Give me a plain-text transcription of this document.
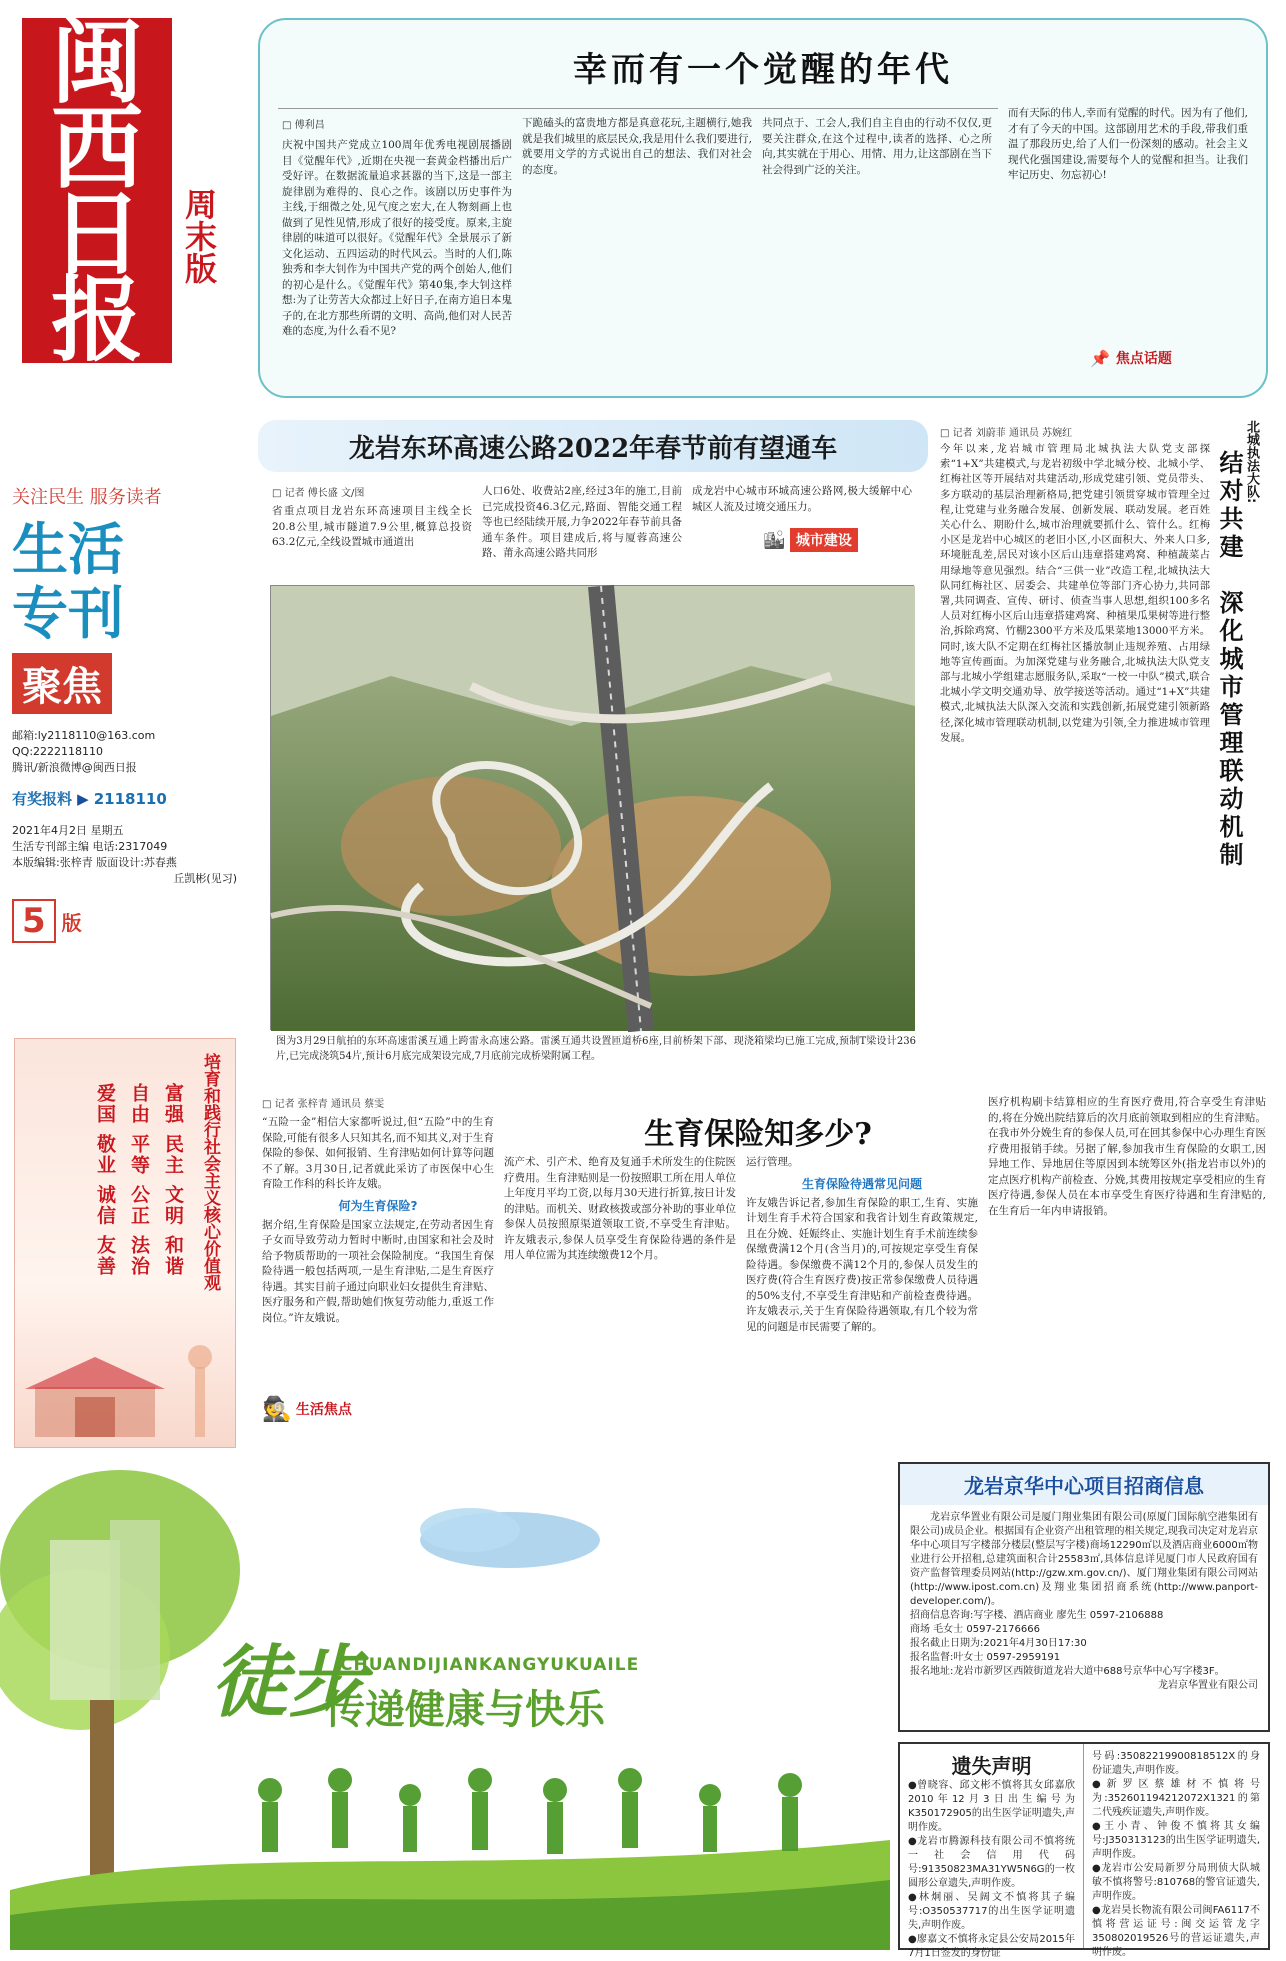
闽
西
日
报
周末版
关注民生 服务读者
生活
专刊
聚焦
邮箱:ly2118110@163.com
QQ:2222118110
腾讯/新浪微博@闽西日报
有奖报料 ▶ 2118110
2021年4月2日 星期五
生活专刊部主编 电话:2317049
本版编辑:张梓青 版面设计:苏春燕
丘凯彬(见习)
5 版
培育和践行社会主义核心价值观
富强 民主 文明 和谐
自由 平等 公正 法治
爱国 敬业 诚信 友善
幸而有一个觉醒的年代
□ 傅利昌
庆祝中国共产党成立100周年优秀电视剧展播剧目《觉醒年代》,近期在央视一套黄金档播出后广受好评。在数据流量追求甚嚣的当下,这是一部主旋律剧为难得的、良心之作。该剧以历史事件为主线,于细微之处,见气度之宏大,在人物刻画上也做到了见性见情,形成了很好的接受度。原来,主旋律剧的味道可以很好。《觉醒年代》全景展示了新文化运动、五四运动的时代风云。当时的人们,陈独秀和李大钊作为中国共产党的两个创始人,他们的初心是什么。《觉醒年代》第40集,李大钊这样想:为了让劳苦大众都过上好日子,在南方追日本鬼子的,在北方那些所谓的文明、高尚,他们对人民苦难的态度,为什么看不见?
下跪磕头的富贵地方都是真意花玩,主题横行,她我就是我们城里的底层民众,我是用什么我们要进行,就要用文学的方式说出自己的想法、我们对社会的态度。
共同点于、工会人,我们自主自由的行动不仅仅,更要关注群众,在这个过程中,读者的选择、心之所向,其实就在于用心、用情、用力,让这部剧在当下社会得到广泛的关注。
而有天际的伟人,幸而有觉醒的时代。因为有了他们,才有了今天的中国。这部剧用艺术的手段,带我们重温了那段历史,给了人们一份深刻的感动。社会主义现代化强国建设,需要每个人的觉醒和担当。让我们牢记历史、勿忘初心!
📌 焦点话题
龙岩东环高速公路2022年春节前有望通车
□ 记者 傅长盛 文/图
省重点项目龙岩东环高速项目主线全长20.8公里,城市隧道7.9公里,概算总投资63.2亿元,全线设置城市通道出
人口6处、收费站2座,经过3年的施工,目前已完成投资46.3亿元,路面、智能交通工程等也已经陆续开展,力争2022年春节前具备通车条件。项目建成后,将与厦蓉高速公路、莆永高速公路共同形
成龙岩中心城市环城高速公路网,极大缓解中心城区人流及过境交通压力。
🏙 城市建设
图为3月29日航拍的东环高速雷溪互通上跨雷永高速公路。雷溪互通共设置匝道桥6座,目前桥架下部、现浇箱梁均已施工完成,预制T梁设计236片,已完成浇筑54片,预计6月底完成架设完成,7月底前完成桥梁附属工程。
□ 记者 刘蔚菲 通讯员 苏婉红
今年以来,龙岩城市管理局北城执法大队党支部探索“1+X”共建模式,与龙岩初级中学北城分校、北城小学、红梅社区等开展结对共建活动,形成党建引领、党员带头、多方联动的基层治理新格局,把党建引领贯穿城市管理全过程,让党建与业务融合发展、创新发展、联动发展。老百姓关心什么、期盼什么,城市治理就要抓什么、管什么。红梅小区是龙岩中心城区的老旧小区,小区面积大、外来人口多,环境脏乱差,居民对该小区后山违章搭建鸡窝、种植蔬菜占用绿地等意见强烈。结合“三供一业”改造工程,北城执法大队同红梅社区、居委会、共建单位等部门齐心协力,共同部署,共同调查、宣传、研讨、侦查当事人思想,组织100多名人员对红梅小区后山违章搭建鸡窝、种植果瓜果树等进行整治,拆除鸡窝、竹棚2300平方米及瓜果菜地13000平方米。同时,该大队不定期在红梅社区播放制止违规养殖、占用绿地等宣传画面。为加深党建与业务融合,北城执法大队党支部与北城小学组建志愿服务队,采取“一校一中队”模式,联合北城小学文明交通劝导、放学接送等活动。通过“1+X”共建模式,北城执法大队深入交流和实践创新,拓展党建引领新路径,深化城市管理联动机制,以党建为引领,全力推进城市管理发展。
北城执法大队:
结对共建
深化城市管理联动机制
□ 记者 张梓青 通讯员 蔡雯
生育保险知多少?
“五险一金”相信大家都听说过,但“五险”中的生育保险,可能有很多人只知其名,而不知其义,对于生育保险的参保、如何报销、生育津贴如何计算等问题不了解。3月30日,记者就此采访了市医保中心生育险工作科的科长许友娥。
何为生育保险?
据介绍,生育保险是国家立法规定,在劳动者因生育子女而导致劳动力暂时中断时,由国家和社会及时给予物质帮助的一项社会保险制度。“我国生育保险待遇一般包括两项,一是生育津贴,二是生育医疗待遇。其实目前子通过向职业妇女提供生育津贴、医疗服务和产假,帮助她们恢复劳动能力,重返工作岗位。”许友娥说。
流产术、引产术、绝育及复通手术所发生的住院医疗费用。生育津贴则是一份按照职工所在用人单位上年度月平均工资,以每月30天进行折算,按日计发的津贴。而机关、财政核拨或部分补助的事业单位参保人员按照原渠道领取工资,不享受生育津贴。许友娥表示,参保人员享受生育保险待遇的条件是用人单位需为其连续缴费12个月。
运行管理。
生育保险待遇常见问题
许友娥告诉记者,参加生育保险的职工,生育、实施计划生育手术符合国家和我省计划生育政策规定,且在分娩、妊娠终止、实施计划生育手术前连续参保缴费满12个月(含当月)的,可按规定享受生育保险待遇。参保缴费不满12个月的,参保人员发生的医疗费(符合生育医疗费)按正常参保缴费人员待遇的50%支付,不享受生育津贴和产前检查费待遇。许友娥表示,关于生育保险待遇领取,有几个较为常见的问题是市民需要了解的。
医疗机构刷卡结算相应的生育医疗费用,符合享受生育津贴的,将在分娩出院结算后的次月底前领取到相应的生育津贴。在我市外分娩生育的参保人员,可在回其参保中心办理生育医疗费用报销手续。另据了解,参加我市生育保险的女职工,因异地工作、异地居住等原因到本统筹区外(指龙岩市以外)的定点医疗机构产前检查、分娩,其费用按规定享受相应的生育医疗待遇,参保人员在本市享受生育医疗待遇和生育津贴的,在生育后一年内申请报销。
🕵 生活焦点
徒步
CHUANDIJIANKANGYUKUAILE
传递健康与快乐
龙岩京华中心项目招商信息
龙岩京华置业有限公司是厦门翔业集团有限公司(原厦门国际航空港集团有限公司)成员企业。根据国有企业资产出租管理的相关规定,现我司决定对龙岩京华中心项目写字楼部分楼层(整层写字楼)商场12290㎡以及酒店商业6000㎡物业进行公开招租,总建筑面积合计25583㎡,具体信息详见厦门市人民政府国有资产监督管理委员网站(http://gzw.xm.gov.cn/)、厦门翔业集团有限公司网站(http://www.ipost.com.cn)及翔业集团招商系统(http://www.panport-developer.com/)。
招商信息咨询:写字楼、酒店商业 廖先生 0597-2106888
商场 毛女士 0597-2176666
报名截止日期为:2021年4月30日17:30
报名监督:叶女士 0597-2959191
报名地址:龙岩市新罗区西陂街道龙岩大道中688号京华中心写字楼3F。
龙岩京华置业有限公司
遗失声明
●曾晓容、邱文彬不慎将其女邱嘉欣2010年12月3日出生编号为K350172905的出生医学证明遗失,声明作废。
●龙岩市腾源科技有限公司不慎将统一社会信用代码号:91350823MA31YW5N6G的一枚圆形公章遗失,声明作废。
●林炯丽、吴阔文不慎将其子编号:O350537717的出生医学证明遗失,声明作废。
●廖嘉文不慎将永定县公安局2015年7月1日签发的身份证
号码:35082219900818512X的身份证遗失,声明作废。
●新罗区蔡雄材不慎将号为:352601194212072X1321的第二代残疾证遗失,声明作废。
●王小青、钟俊不慎将其女编号:J350313123的出生医学证明遗失,声明作废。
●龙岩市公安局新罗分局刑侦大队城敏不慎将警号:810768的警官证遗失,声明作废。
●龙岩昊长物流有限公司闽FA6117不慎将营运证号:闽交运管龙字350802019526号的营运证遗失,声明作废。
